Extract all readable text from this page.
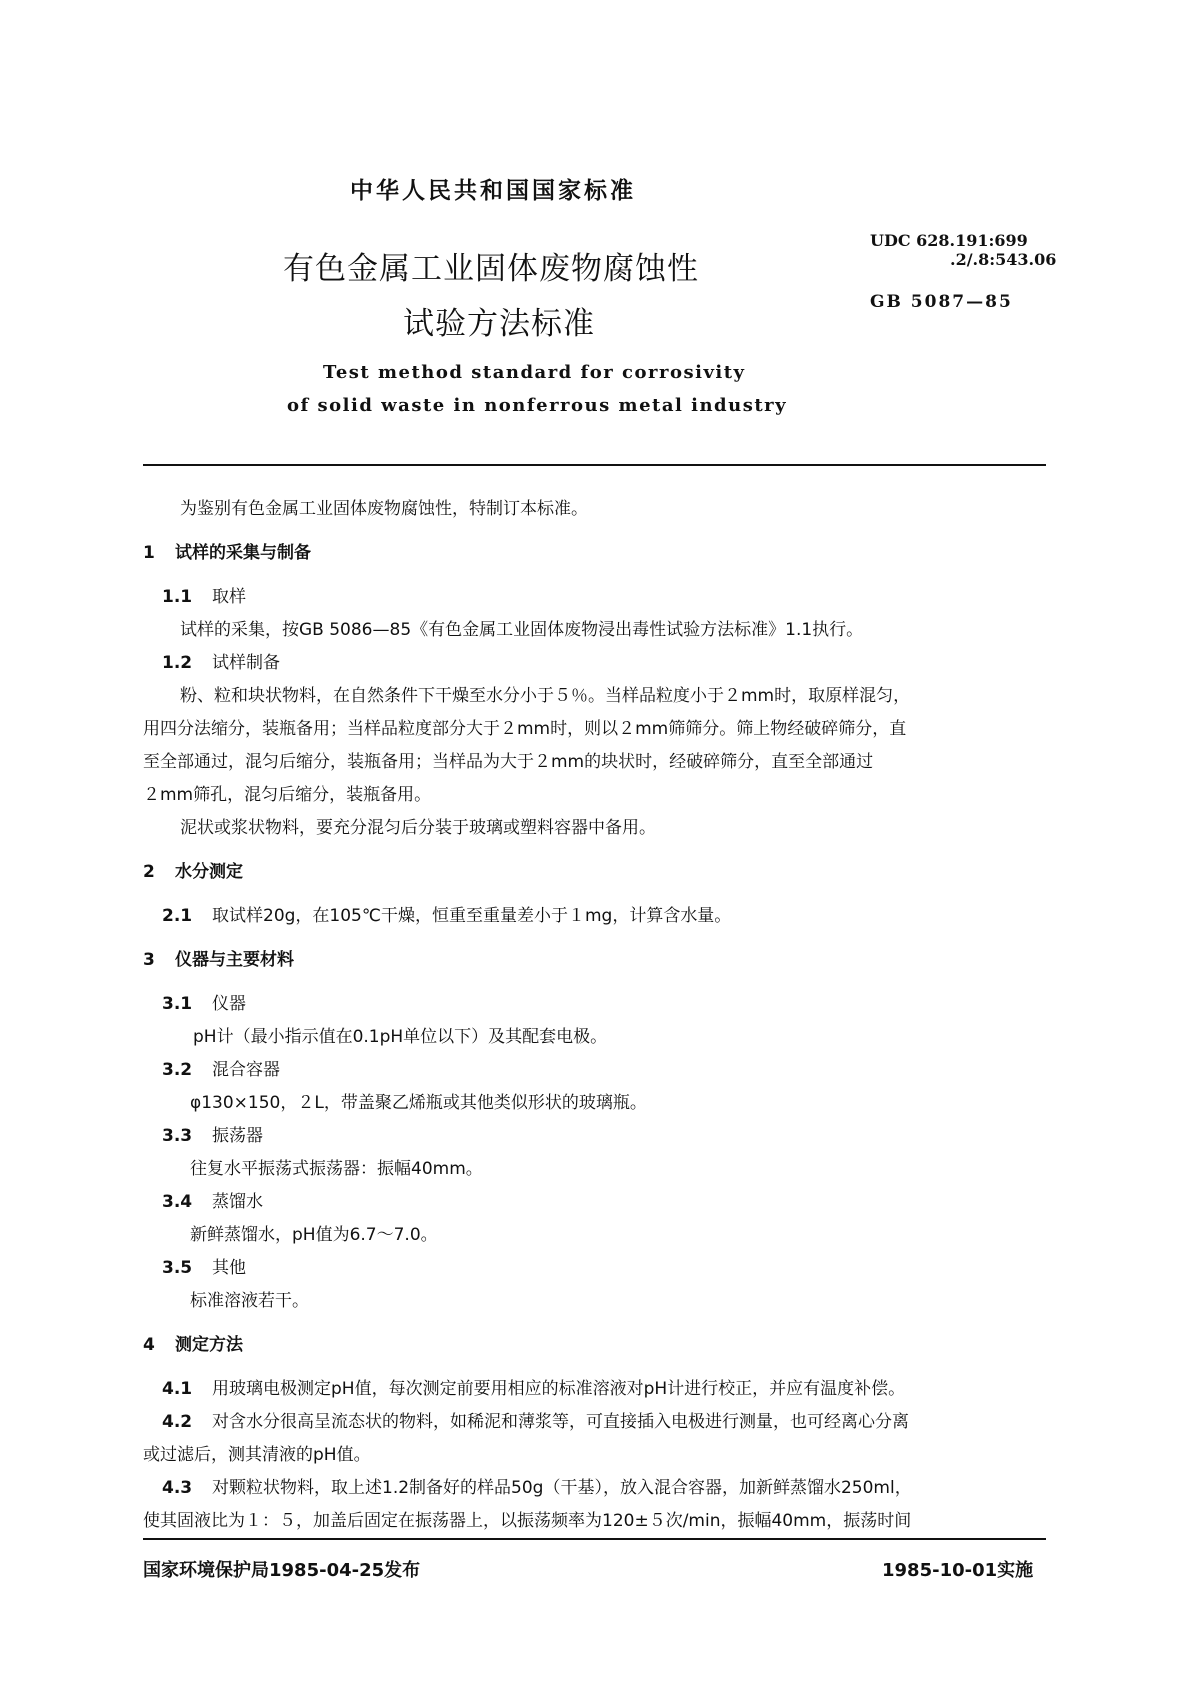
中华人民共和国国家标准
有色金属工业固体废物腐蚀性
试验方法标准
UDC 628.191:699
.2/.8:543.06
GB 5087—85
Test method standard for corrosivity
of solid waste in nonferrous metal industry
为鉴别有色金属工业固体废物腐蚀性，特制订本标准。
1 试样的采集与制备
1.1 取样
试样的采集，按GB 5086—85《有色金属工业固体废物浸出毒性试验方法标准》1.1执行。
1.2 试样制备
粉、粒和块状物料，在自然条件下干燥至水分小于５％。当样品粒度小于２mm时，取原样混匀，
用四分法缩分，装瓶备用；当样品粒度部分大于２mm时，则以２mm筛筛分。筛上物经破碎筛分，直
至全部通过，混匀后缩分，装瓶备用；当样品为大于２mm的块状时，经破碎筛分，直至全部通过
２mm筛孔，混匀后缩分，装瓶备用。
泥状或浆状物料，要充分混匀后分装于玻璃或塑料容器中备用。
2 水分测定
2.1 取试样20g，在105℃干燥，恒重至重量差小于１mg，计算含水量。
3 仪器与主要材料
3.1 仪器
pH计（最小指示值在0.1pH单位以下）及其配套电极。
3.2 混合容器
φ130×150，２L，带盖聚乙烯瓶或其他类似形状的玻璃瓶。
3.3 振荡器
往复水平振荡式振荡器：振幅40mm。
3.4 蒸馏水
新鲜蒸馏水，pH值为6.7～7.0。
3.5 其他
标准溶液若干。
4 测定方法
4.1 用玻璃电极测定pH值，每次测定前要用相应的标准溶液对pH计进行校正，并应有温度补偿。
4.2 对含水分很高呈流态状的物料，如稀泥和薄浆等，可直接插入电极进行测量，也可经离心分离
或过滤后，测其清液的pH值。
4.3 对颗粒状物料，取上述1.2制备好的样品50g（干基），放入混合容器，加新鲜蒸馏水250ml，
使其固液比为１：５，加盖后固定在振荡器上，以振荡频率为120±５次/min，振幅40mm，振荡时间
国家环境保护局1985-04-25发布	1985-10-01实施
